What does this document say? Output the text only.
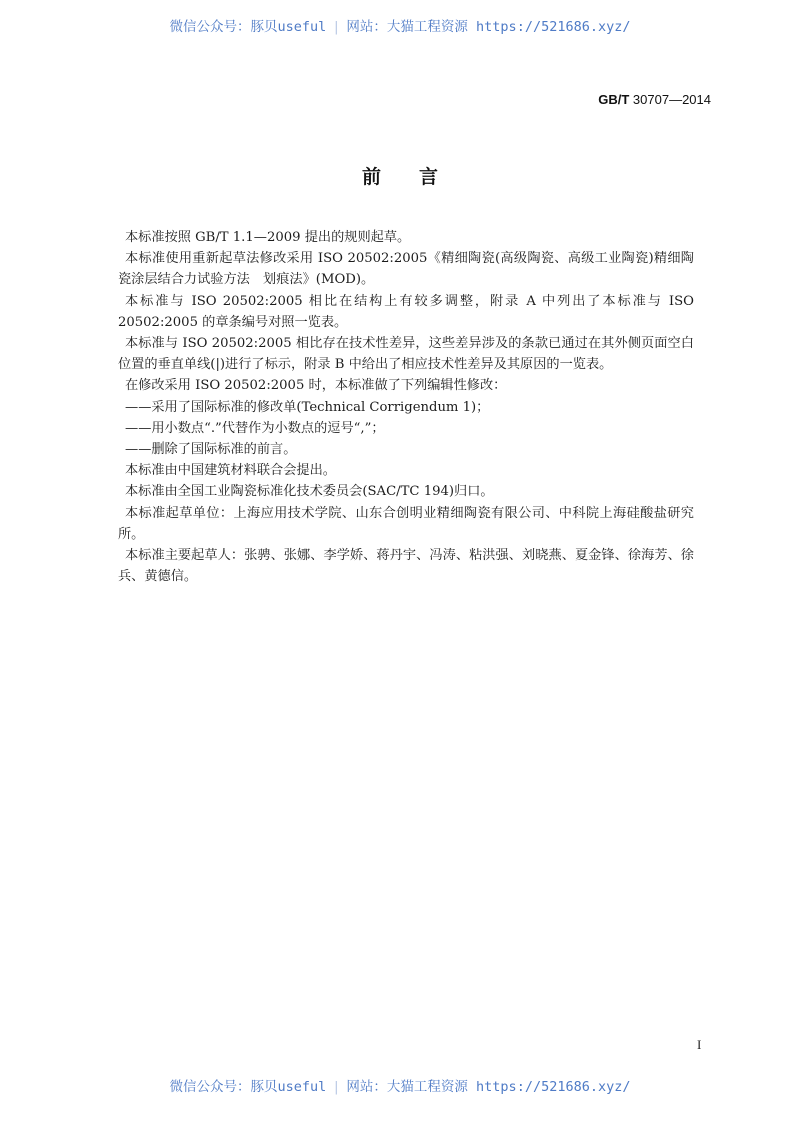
微信公众号：豚贝useful | 网站：大猫工程资源 https://521686.xyz/
GB/T 30707—2014
前言

本标准按照 GB/T 1.1—2009 提出的规则起草。

本标准使用重新起草法修改采用 ISO 20502:2005《精细陶瓷(高级陶瓷、高级工业陶瓷)精细陶瓷涂层结合力试验方法　划痕法》(MOD)。

本标准与 ISO 20502:2005 相比在结构上有较多调整，附录 A 中列出了本标准与 ISO 20502:2005 的章条编号对照一览表。

本标准与 ISO 20502:2005 相比存在技术性差异，这些差异涉及的条款已通过在其外侧页面空白位置的垂直单线(|)进行了标示，附录 B 中给出了相应技术性差异及其原因的一览表。

在修改采用 ISO 20502:2005 时，本标准做了下列编辑性修改：

——采用了国际标准的修改单(Technical Corrigendum 1)；

——用小数点“.”代替作为小数点的逗号“,”；

——删除了国际标准的前言。

本标准由中国建筑材料联合会提出。

本标准由全国工业陶瓷标准化技术委员会(SAC/TC 194)归口。

本标准起草单位：上海应用技术学院、山东合创明业精细陶瓷有限公司、中科院上海硅酸盐研究所。

本标准主要起草人：张骋、张娜、李学娇、蒋丹宇、冯涛、粘洪强、刘晓燕、夏金锋、徐海芳、徐兵、黄德信。

I
微信公众号：豚贝useful | 网站：大猫工程资源 https://521686.xyz/
